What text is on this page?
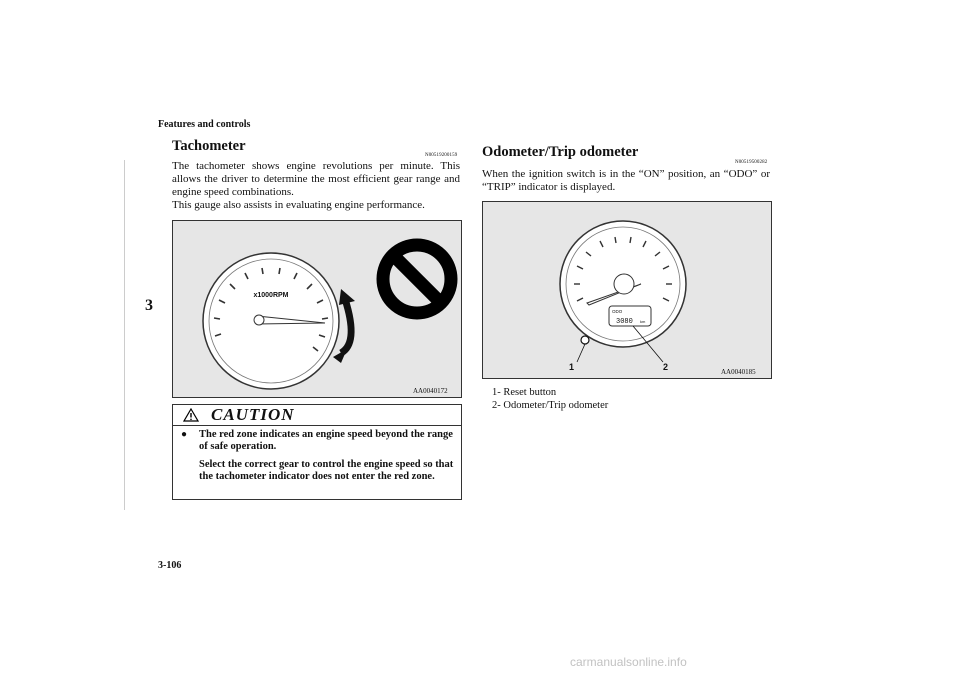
Features and controls
3
Tachometer
N00519200159
The tachometer shows engine revolutions per minute. This allows the driver to determine the most efficient gear range and engine speed combinations.
This gauge also assists in evaluating engine performance.
x1000RPM
AA0040172
CAUTION
●	The red zone indicates an engine speed beyond the range of safe operation.
Select the correct gear to control the engine speed so that the tachometer indicator does not enter the red zone.
Odometer/Trip odometer
N00519500282
When the ignition switch is in the “ON” position, an “ODO” or “TRIP” indicator is displayed.
ODO
3080 km
1	2	AA0040185
1- Reset button
2- Odometer/Trip odometer
3-106
carmanualsonline.info
